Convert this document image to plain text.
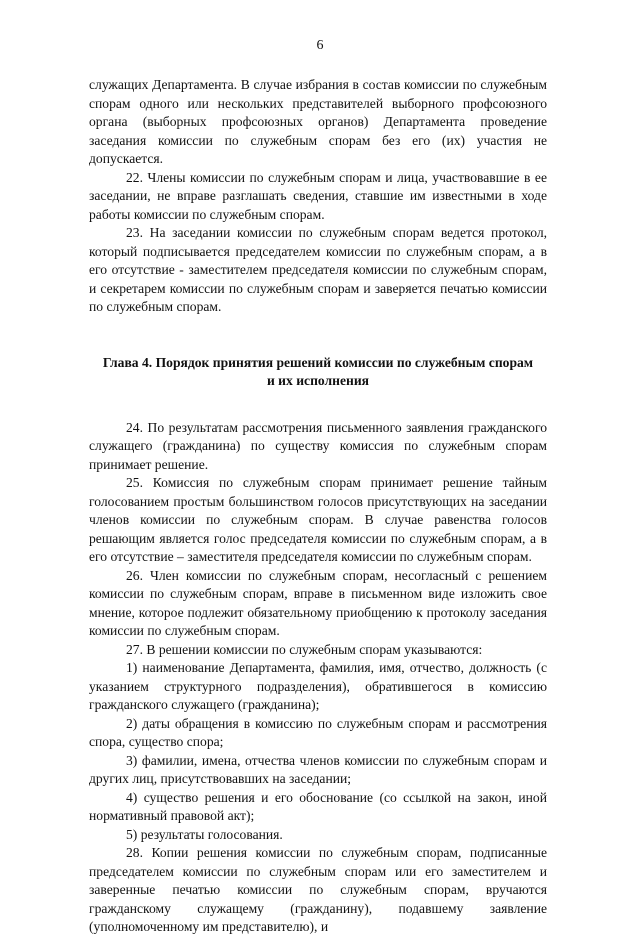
6

служащих Департамента. В случае избрания в состав комиссии по служебным спорам одного или нескольких представителей выборного профсоюзного органа (выборных профсоюзных органов) Департамента проведение заседания комиссии по служебным спорам без его (их) участия не допускается.

22. Члены комиссии по служебным спорам и лица, участвовавшие в ее заседании, не вправе разглашать сведения, ставшие им известными в ходе работы комиссии по служебным спорам.

23. На заседании комиссии по служебным спорам ведется протокол, который подписывается председателем комиссии по служебным спорам, а в его отсутствие - заместителем председателя комиссии по служебным спорам, и секретарем комиссии по служебным спорам и заверяется печатью комиссии по служебным спорам.

Глава 4. Порядок принятия решений комиссии по служебным спорам
и их исполнения

24. По результатам рассмотрения письменного заявления гражданского служащего (гражданина) по существу комиссия по служебным спорам принимает решение.

25. Комиссия по служебным спорам принимает решение тайным голосованием простым большинством голосов присутствующих на заседании членов комиссии по служебным спорам. В случае равенства голосов решающим является голос председателя комиссии по служебным спорам, а в его отсутствие – заместителя председателя комиссии по служебным спорам.

26. Член комиссии по служебным спорам, несогласный с решением комиссии по служебным спорам, вправе в письменном виде изложить свое мнение, которое подлежит обязательному приобщению к протоколу заседания комиссии по служебным спорам.

27. В решении комиссии по служебным спорам указываются:

1) наименование Департамента, фамилия, имя, отчество, должность (с указанием структурного подразделения), обратившегося в комиссию гражданского служащего (гражданина);

2) даты обращения в комиссию по служебным спорам и рассмотрения спора, существо спора;

3) фамилии, имена, отчества членов комиссии по служебным спорам и других лиц, присутствовавших на заседании;

4) существо решения и его обоснование (со ссылкой на закон, иной нормативный правовой акт);

5) результаты голосования.

28. Копии решения комиссии по служебным спорам, подписанные председателем комиссии по служебным спорам или его заместителем и заверенные печатью комиссии по служебным спорам, вручаются гражданскому служащему (гражданину), подавшему заявление (уполномоченному им представителю), и
